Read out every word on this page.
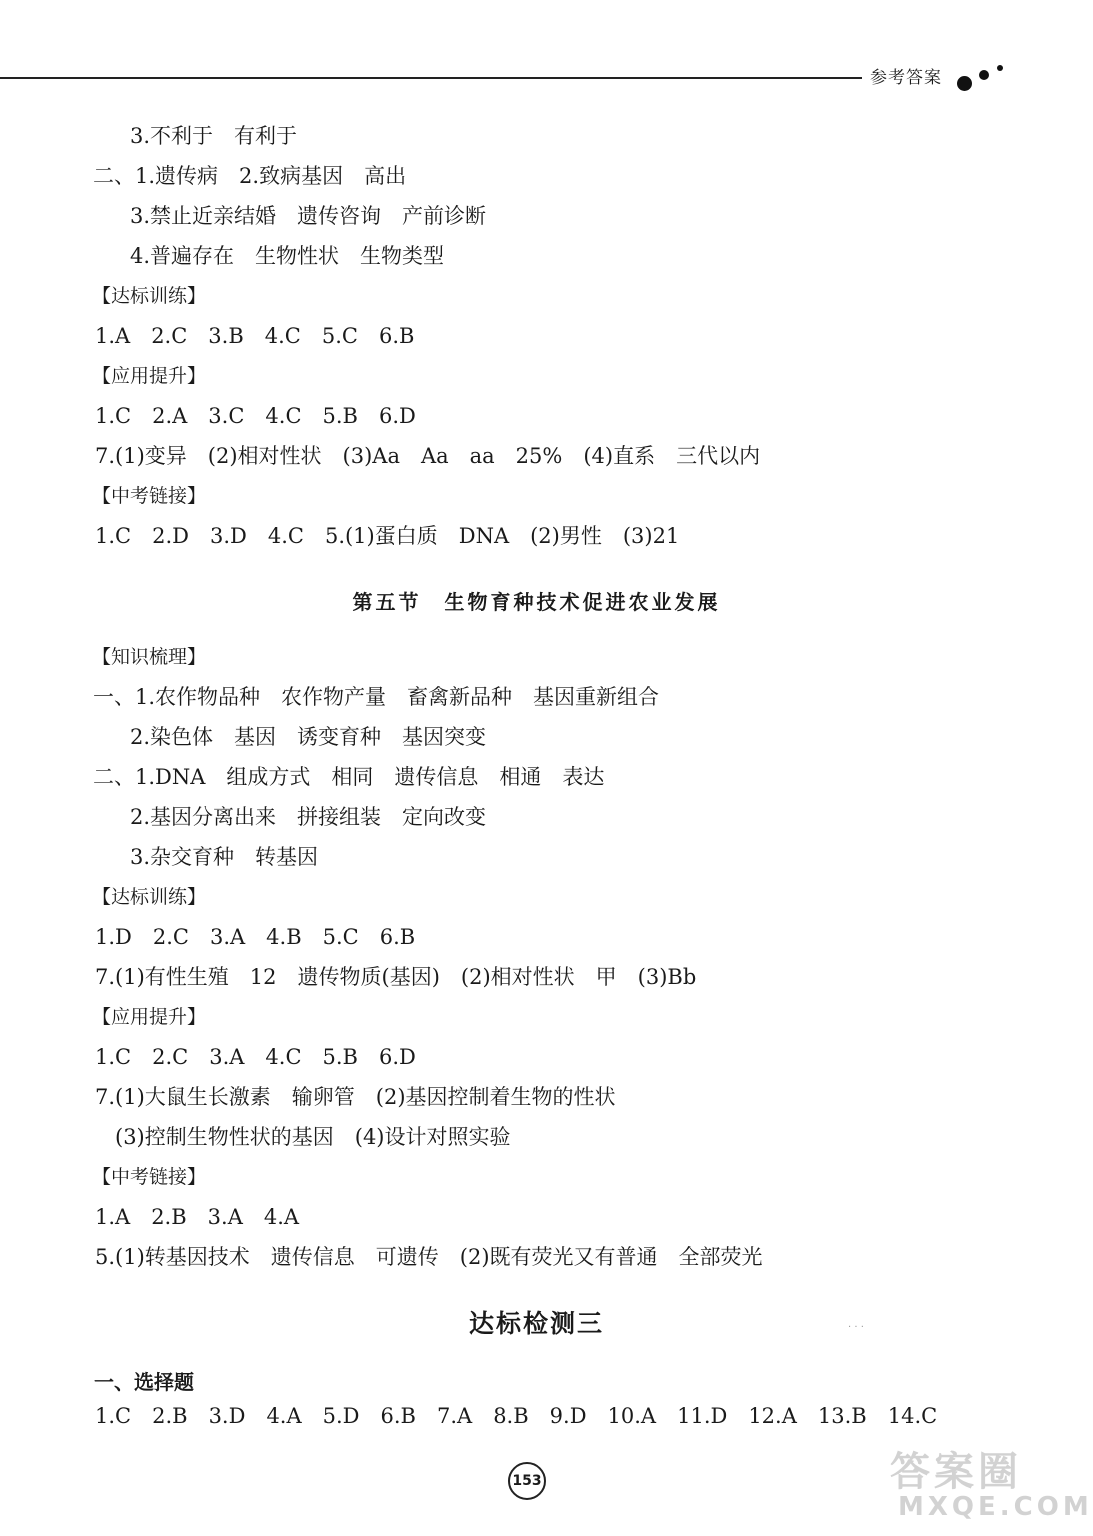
参考答案
3.不利于　有利于
二、1.遗传病　2.致病基因　高出
3.禁止近亲结婚　遗传咨询　产前诊断
4.普遍存在　生物性状　生物类型
【达标训练】
1.A　2.C　3.B　4.C　5.C　6.B
【应用提升】
1.C　2.A　3.C　4.C　5.B　6.D
7.(1)变异　(2)相对性状　(3)Aa　Aa　aa　25%　(4)直系　三代以内
【中考链接】
1.C　2.D　3.D　4.C　5.(1)蛋白质　DNA　(2)男性　(3)21
第五节　生物育种技术促进农业发展
【知识梳理】
一、1.农作物品种　农作物产量　畜禽新品种　基因重新组合
2.染色体　基因　诱变育种　基因突变
二、1.DNA　组成方式　相同　遗传信息　相通　表达
2.基因分离出来　拼接组装　定向改变
3.杂交育种　转基因
【达标训练】
1.D　2.C　3.A　4.B　5.C　6.B
7.(1)有性生殖　12　遗传物质(基因)　(2)相对性状　甲　(3)Bb
【应用提升】
1.C　2.C　3.A　4.C　5.B　6.D
7.(1)大鼠生长激素　输卵管　(2)基因控制着生物的性状
(3)控制生物性状的基因　(4)设计对照实验
【中考链接】
1.A　2.B　3.A　4.A
5.(1)转基因技术　遗传信息　可遗传　(2)既有荧光又有普通　全部荧光
达标检测三	· · ·
一、选择题
1.C　2.B　3.D　4.A　5.D　6.B　7.A　8.B　9.D　10.A　11.D　12.A　13.B　14.C
153	答案圈
MXQE.COM
